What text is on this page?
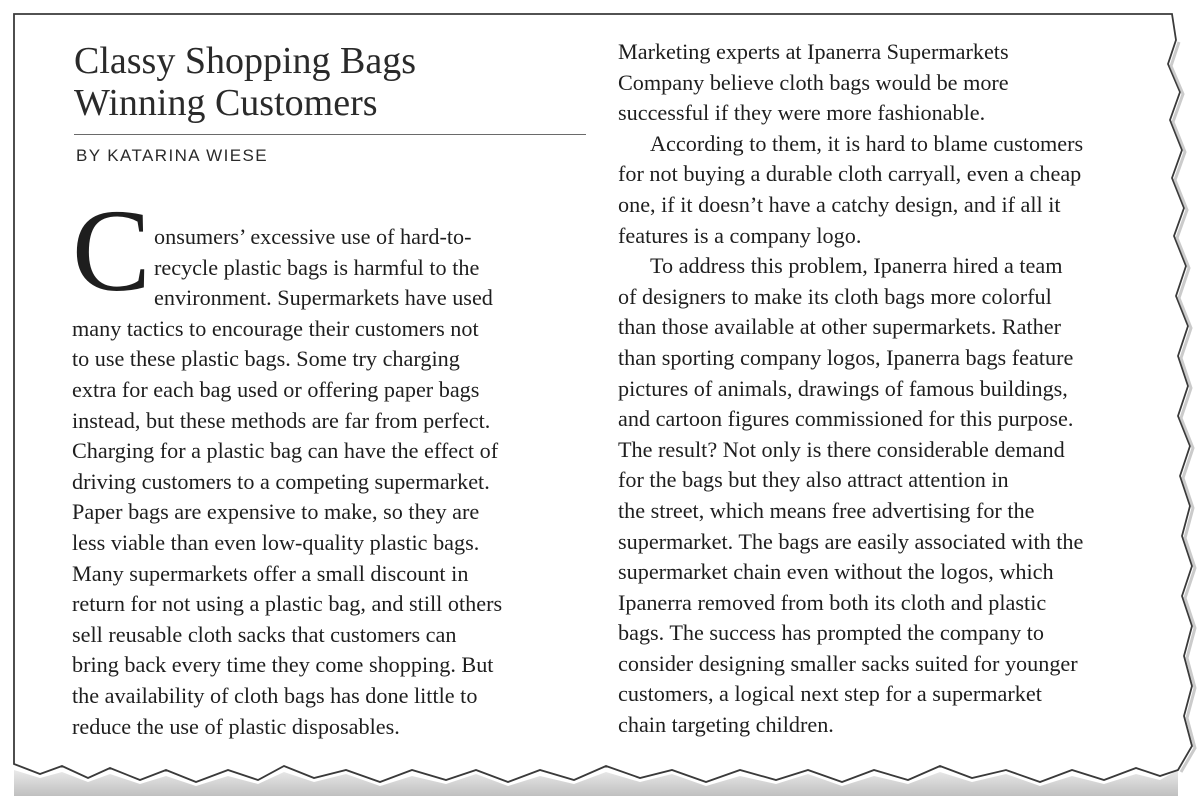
Classy Shopping Bags
Winning Customers
BY KATARINA WIESE
C onsumers’ excessive use of hard-to-
recycle plastic bags is harmful to the
environment. Supermarkets have used
many tactics to encourage their customers not
to use these plastic bags. Some try charging
extra for each bag used or offering paper bags
instead, but these methods are far from perfect.
Charging for a plastic bag can have the effect of
driving customers to a competing supermarket.
Paper bags are expensive to make, so they are
less viable than even low-quality plastic bags.
Many supermarkets offer a small discount in
return for not using a plastic bag, and still others
sell reusable cloth sacks that customers can
bring back every time they come shopping. But
the availability of cloth bags has done little to
reduce the use of plastic disposables.
Marketing experts at Ipanerra Supermarkets
Company believe cloth bags would be more
successful if they were more fashionable.
According to them, it is hard to blame customers
for not buying a durable cloth carryall, even a cheap
one, if it doesn’t have a catchy design, and if all it
features is a company logo.
To address this problem, Ipanerra hired a team
of designers to make its cloth bags more colorful
than those available at other supermarkets. Rather
than sporting company logos, Ipanerra bags feature
pictures of animals, drawings of famous buildings,
and cartoon figures commissioned for this purpose.
The result? Not only is there considerable demand
for the bags but they also attract attention in
the street, which means free advertising for the
supermarket. The bags are easily associated with the
supermarket chain even without the logos, which
Ipanerra removed from both its cloth and plastic
bags. The success has prompted the company to
consider designing smaller sacks suited for younger
customers, a logical next step for a supermarket
chain targeting children.
